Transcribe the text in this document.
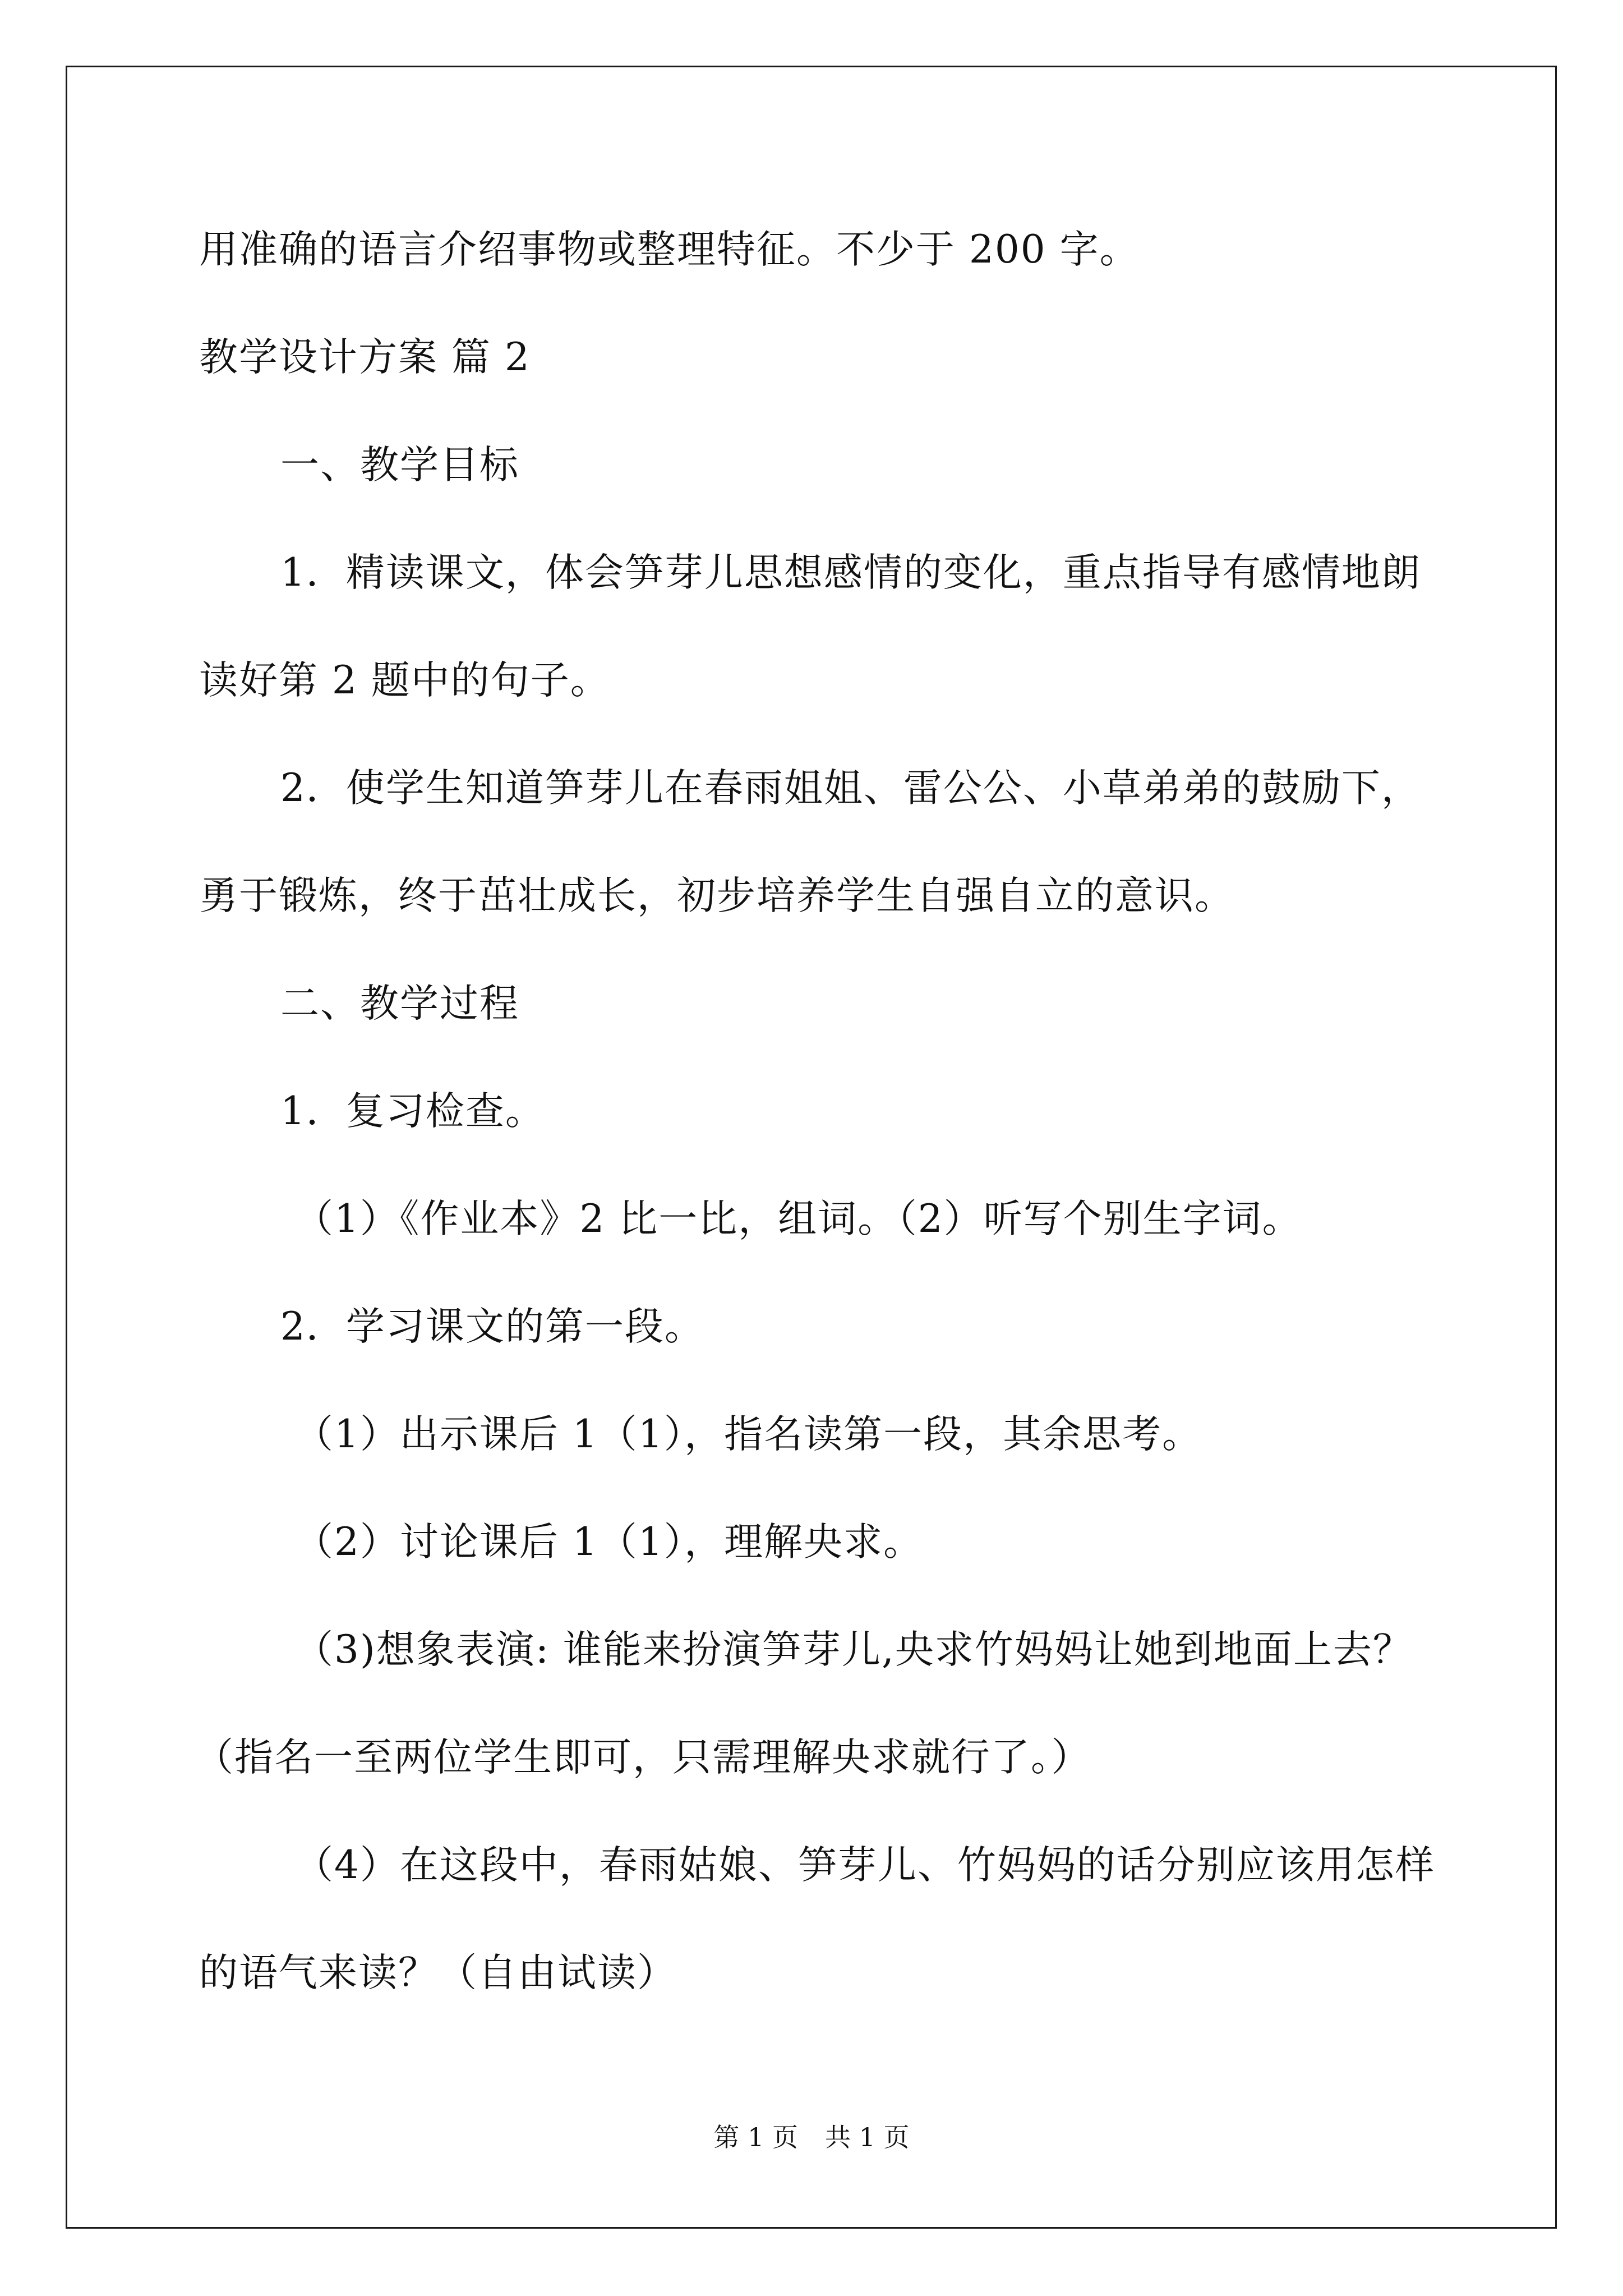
用准确的语言介绍事物或整理特征。不少于 200 字。
教学设计方案 篇 2
一、教学目标
1．精读课文，体会笋芽儿思想感情的变化，重点指导有感情地朗
读好第 2 题中的句子。
2．使学生知道笋芽儿在春雨姐姐、雷公公、小草弟弟的鼓励下，
勇于锻炼，终于茁壮成长，初步培养学生自强自立的意识。
二、教学过程
1．复习检查。
（1）《作业本》2 比一比，组词。（2）听写个别生字词。
2．学习课文的第一段。
（1）出示课后 1（1），指名读第一段，其余思考。
（2）讨论课后 1（1），理解央求。
（3)想象表演: 谁能来扮演笋芽儿,央求竹妈妈让她到地面上去？
（指名一至两位学生即可，只需理解央求就行了。）
（4）在这段中，春雨姑娘、笋芽儿、竹妈妈的话分别应该用怎样
的语气来读？（自由试读）
第 1 页 共 1 页
